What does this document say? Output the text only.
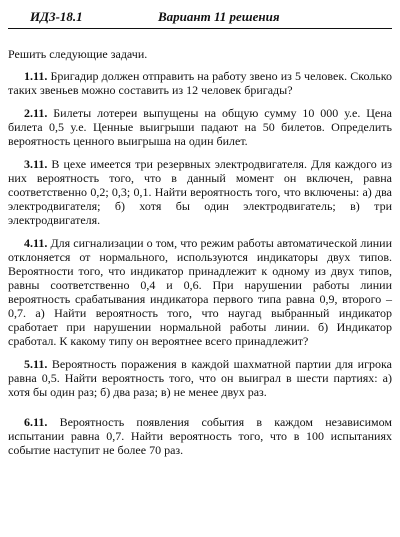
ИДЗ-18.1	Вариант 11 решения
Решить следующие задачи.

1.11. Бригадир должен отправить на работу звено из 5 человек. Сколько таких звеньев можно составить из 12 человек бригады?

2.11. Билеты лотереи выпущены на общую сумму 10 000 у.е. Цена билета 0,5 у.е. Ценные выигрыши падают на 50 билетов. Определить вероятность ценного выигрыша на один билет.

3.11. В цехе имеется три резервных электродвигателя. Для каждого из них вероятность того, что в данный момент он включен, равна соответственно 0,2; 0,3; 0,1. Найти вероятность того, что включены: а) два электродвигателя; б) хотя бы один электродвигатель; в) три электродвигателя.

4.11. Для сигнализации о том, что режим работы автоматической линии отклоняется от нормального, используются индикаторы двух типов. Вероятности того, что индикатор принадлежит к одному из двух типов, равны соответственно 0,4 и 0,6. При нарушении работы линии вероятность срабатывания индикатора первого типа равна 0,9, второго – 0,7. а) Найти вероятность того, что наугад выбранный индикатор сработает при нарушении нормальной работы линии. б) Индикатор сработал. К какому типу он вероятнее всего принадлежит?

5.11. Вероятность поражения в каждой шахматной партии для игрока равна 0,5. Найти вероятность того, что он выиграл в шести партиях: а) хотя бы один раз; б) два раза; в) не менее двух раз.

6.11. Вероятность появления события в каждом независимом испытании равна 0,7. Найти вероятность того, что в 100 испытаниях событие наступит не более 70 раз.
